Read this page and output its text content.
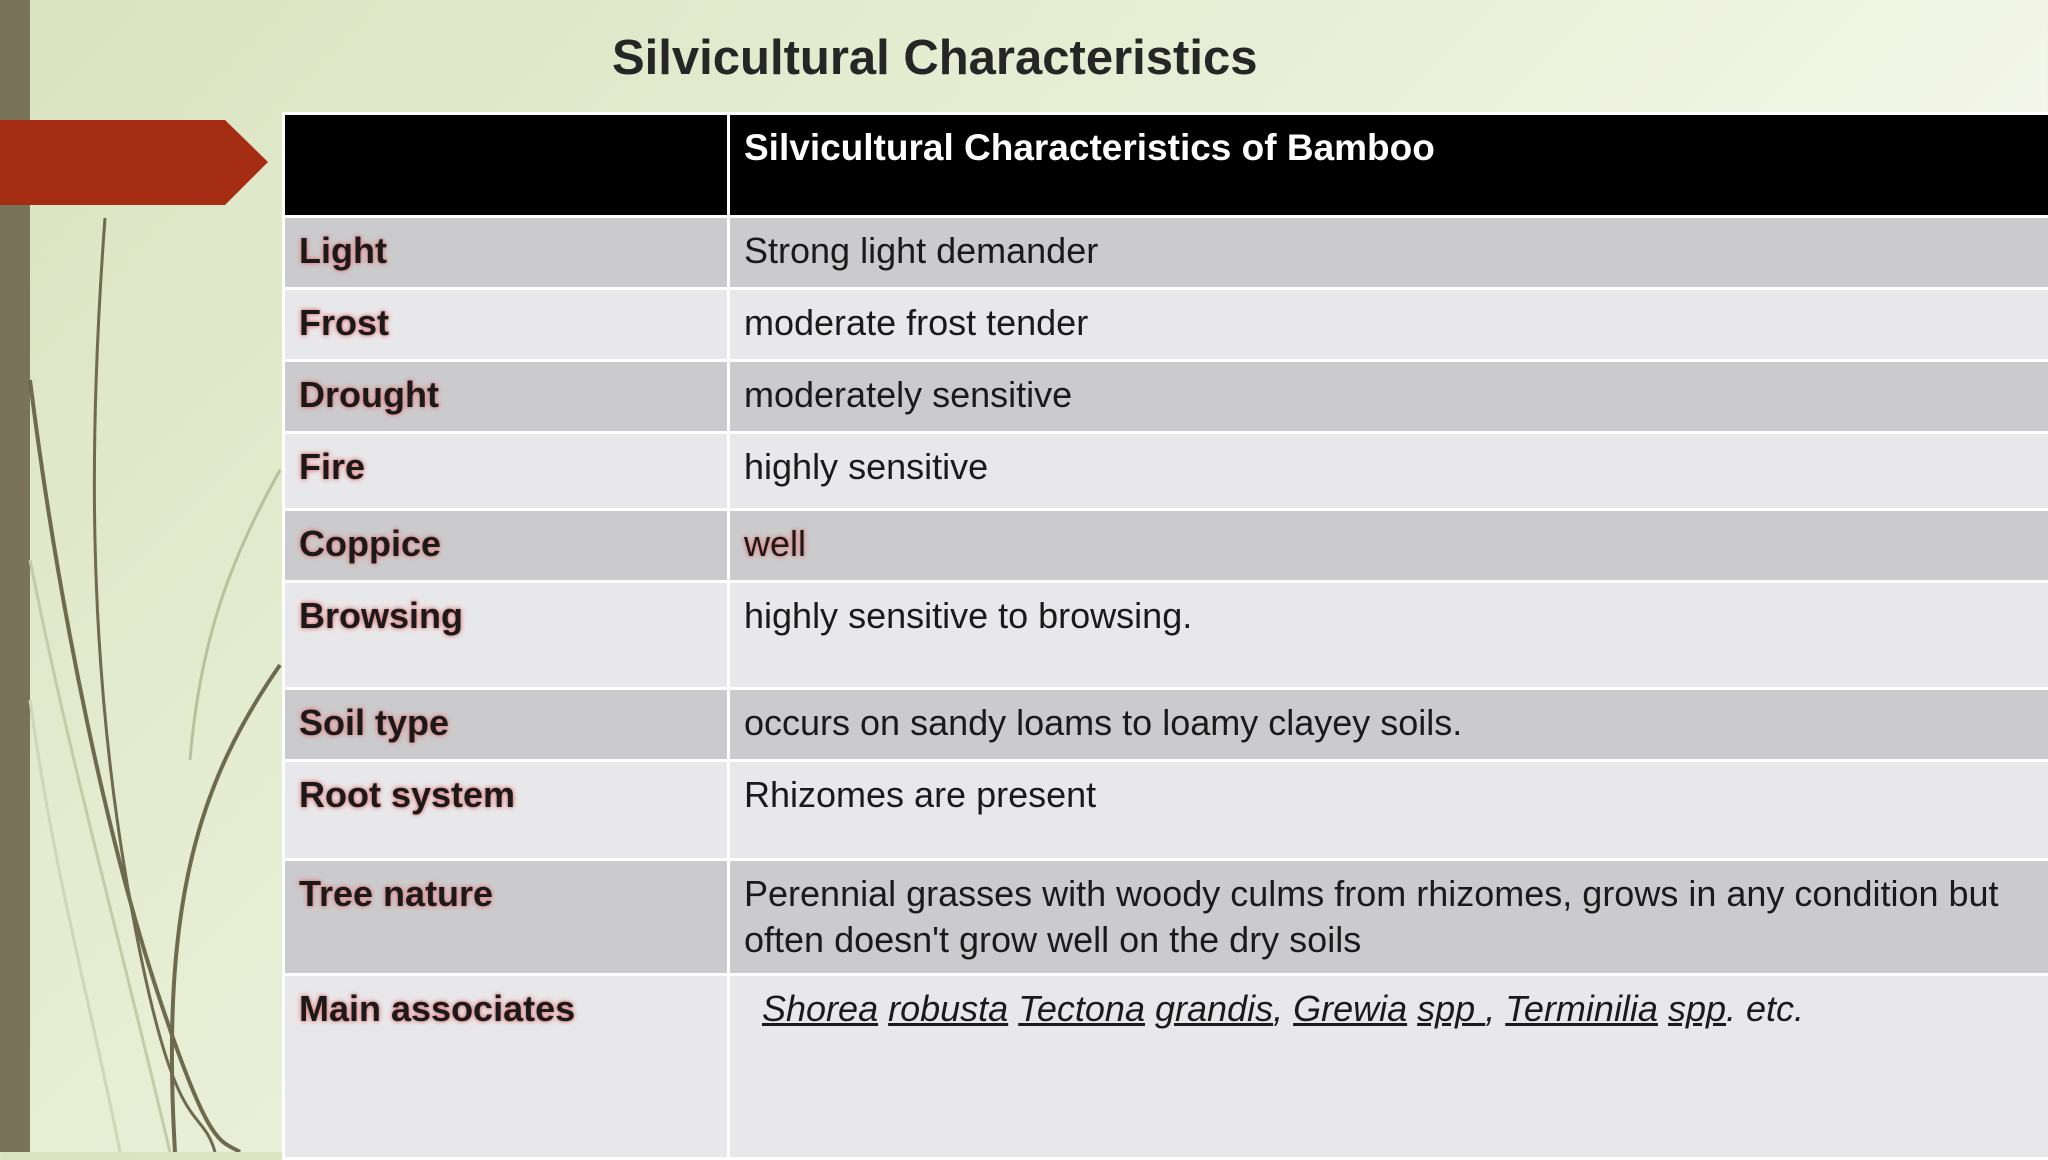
Silvicultural Characteristics
	Silvicultural Characteristics of Bamboo
Light	Strong light demander
Frost	moderate frost tender
Drought	moderately sensitive
Fire	highly sensitive
Coppice	well
Browsing	highly sensitive to browsing.
Soil type	occurs on sandy loams to loamy clayey soils.
Root system	Rhizomes are present
Tree nature	Perennial grasses with woody culms from rhizomes, grows in any condition but often doesn't grow well on the dry soils
Main associates	Shorea robusta Tectona grandis, Grewia spp , Terminilia spp. etc.
